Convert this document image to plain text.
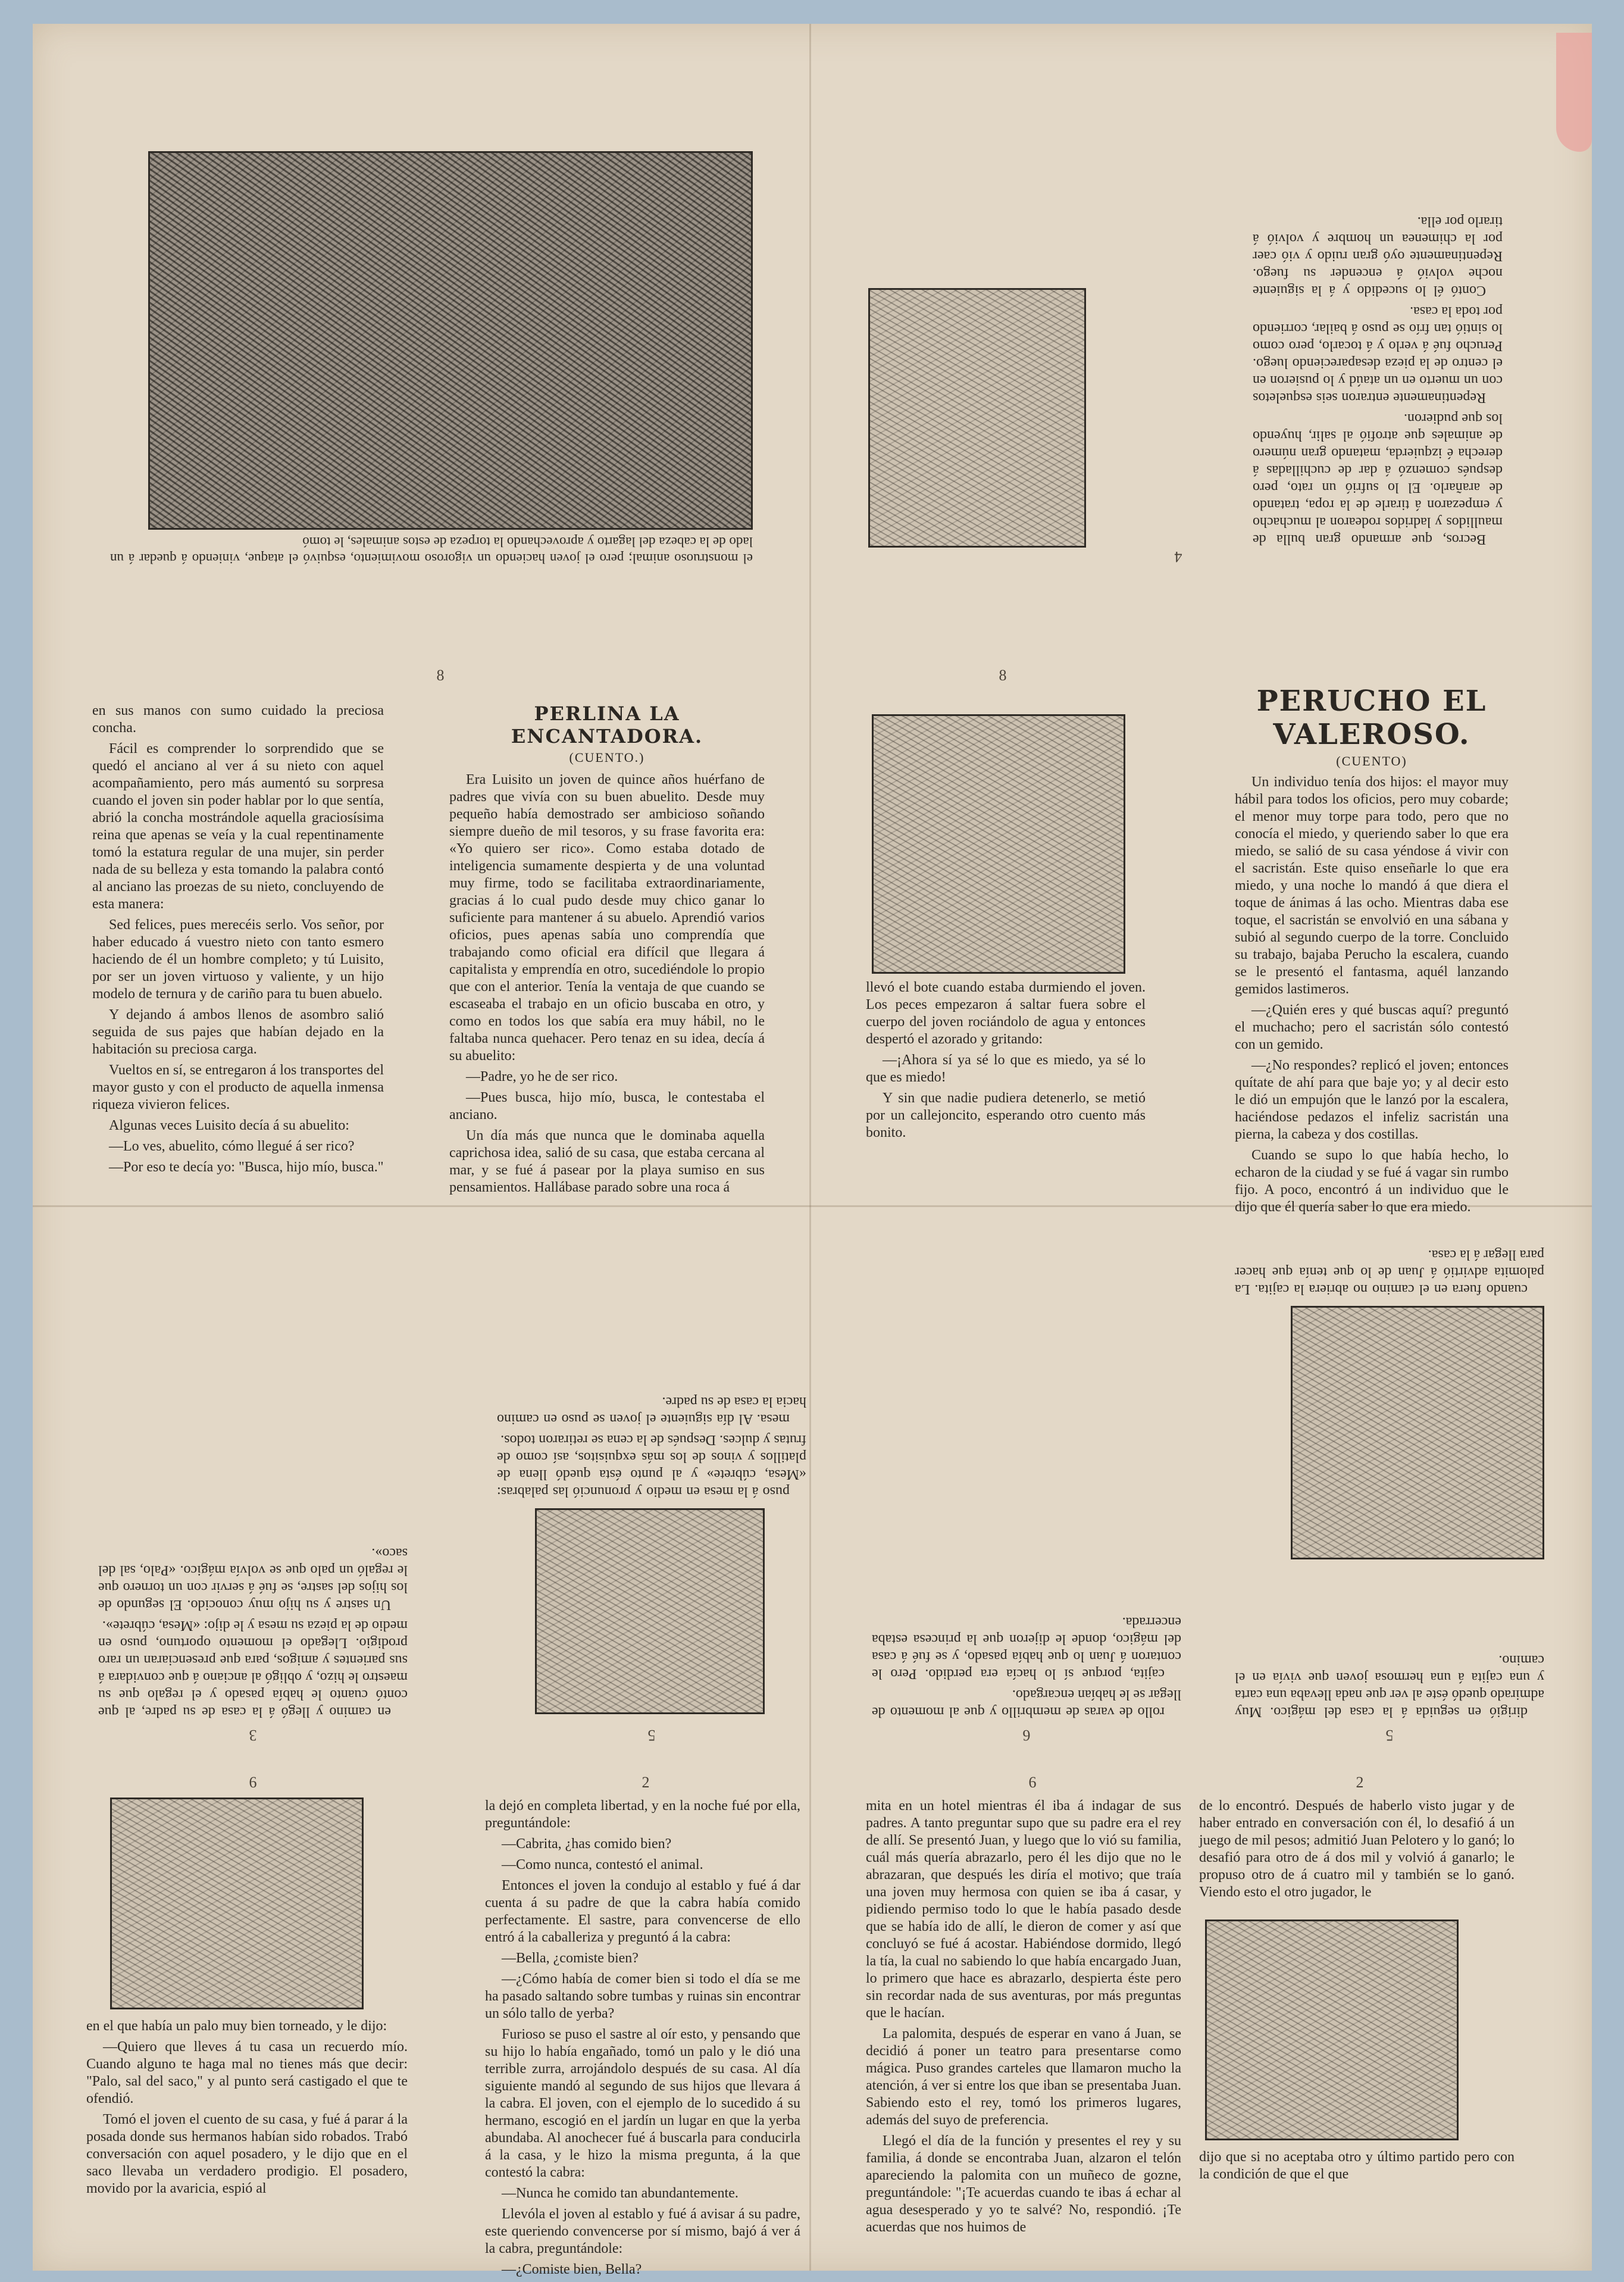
el monstruoso animal; pero el joven haciendo un vigoroso movimiento, esquivó el ataque, viniendo á quedar á un lado de la cabeza del lagarto y aprovechando la torpeza de estos animales, le tomó
4

Becros, que armando gran bulla de maullidos y ladridos rodearon al muchacho y empezaron á tirarle de la ropa, tratando de arañarlo. El lo sufrió un rato, pero después comenzó á dar de cuchilladas á derecha é izquierda, matando gran número de animales que atrofió al salir, huyendo los que pudieron.

Repentinamente entraron seis esqueletos con un muerto en un ataúd y lo pusieron en el centro de la pieza desapareciendo luego. Perucho fué á verlo y á tocarlo, pero como lo sintió tan frío se puso á bailar, corriendo por toda la casa.

Contó él lo sucedido y á la siguiente noche volvió á encender su fuego. Repentinamente oyó gran ruido y vió caer por la chimenea un hombre y volvió á tirarlo por ella.

8

en sus manos con sumo cuidado la preciosa concha.

Fácil es comprender lo sorprendido que se quedó el anciano al ver á su nieto con aquel acompañamiento, pero más aumentó su sorpresa cuando el joven sin poder hablar por lo que sentía, abrió la concha mostrándole aquella graciosísima reina que apenas se veía y la cual repentinamente tomó la estatura regular de una mujer, sin perder nada de su belleza y esta tomando la palabra contó al anciano las proezas de su nieto, concluyendo de esta manera:

Sed felices, pues merecéis serlo. Vos señor, por haber educado á vuestro nieto con tanto esmero haciendo de él un hombre completo; y tú Luisito, por ser un joven virtuoso y valiente, y un hijo modelo de ternura y de cariño para tu buen abuelo.

Y dejando á ambos llenos de asombro salió seguida de sus pajes que habían dejado en la habitación su preciosa carga.

Vueltos en sí, se entregaron á los transportes del mayor gusto y con el producto de aquella inmensa riqueza vivieron felices.

Algunas veces Luisito decía á su abuelito:

—Lo ves, abuelito, cómo llegué á ser rico?

—Por eso te decía yo: "Busca, hijo mío, busca."

PERLINA LA ENCANTADORA.
(CUENTO.)

Era Luisito un joven de quince años huérfano de padres que vivía con su buen abuelito. Desde muy pequeño había demostrado ser ambicioso soñando siempre dueño de mil tesoros, y su frase favorita era: «Yo quiero ser rico». Como estaba dotado de inteligencia sumamente despierta y de una voluntad muy firme, todo se facilitaba extraordinariamente, gracias á lo cual pudo desde muy chico ganar lo suficiente para mantener á su abuelo. Aprendió varios oficios, pues apenas sabía uno comprendía que trabajando como oficial era difícil que llegara á capitalista y emprendía en otro, sucediéndole lo propio que con el anterior. Tenía la ventaja de que cuando se escaseaba el trabajo en un oficio buscaba en otro, y como en todos los que sabía era muy hábil, no le faltaba nunca quehacer. Pero tenaz en su idea, decía á su abuelito:

—Padre, yo he de ser rico.

—Pues busca, hijo mío, busca, le contestaba el anciano.

Un día más que nunca que le dominaba aquella caprichosa idea, salió de su casa, que estaba cercana al mar, y se fué á pasear por la playa sumiso en sus pensamientos. Hallábase parado sobre una roca á

8

llevó el bote cuando estaba durmiendo el joven. Los peces empezaron á saltar fuera sobre el cuerpo del joven rociándolo de agua y entonces despertó el azorado y gritando:

—¡Ahora sí ya sé lo que es miedo, ya sé lo que es miedo!

Y sin que nadie pudiera detenerlo, se metió por un callejoncito, esperando otro cuento más bonito.

PERUCHO EL VALEROSO.
(CUENTO)

Un individuo tenía dos hijos: el mayor muy hábil para todos los oficios, pero muy cobarde; el menor muy torpe para todo, pero que no conocía el miedo, y queriendo saber lo que era miedo, se salió de su casa yéndose á vivir con el sacristán. Este quiso enseñarle lo que era miedo, y una noche lo mandó á que diera el toque de ánimas á las ocho. Mientras daba ese toque, el sacristán se envolvió en una sábana y subió al segundo cuerpo de la torre. Concluido su trabajo, bajaba Perucho la escalera, cuando se le presentó el fantasma, aquél lanzando gemidos lastimeros.

—¿Quién eres y qué buscas aquí? preguntó el muchacho; pero el sacristán sólo contestó con un gemido.

—¿No respondes? replicó el joven; entonces quítate de ahí para que baje yo; y al decir esto le dió un empujón que le lanzó por la escalera, haciéndose pedazos el infeliz sacristán una pierna, la cabeza y dos costillas.

Cuando se supo lo que había hecho, lo echaron de la ciudad y se fué á vagar sin rumbo fijo. A poco, encontró á un individuo que le dijo que él quería saber lo que era miedo.

3

en camino y llegó á la casa de su padre, al que contó cuanto le había pasado y el regalo que su maestro le hizo, y obligó al anciano á que convidara á sus parientes y amigos, para que presenciaran un raro prodigio. Llegado el momento oportuno, puso en medio de la pieza su mesa y le dijo: «Mesa, cúbrete».

Un sastre y su hijo muy conocido. El segundo de los hijos del sastre, se fué á servir con un tornero que le regaló un palo que se volvía mágico. «Palo, sal del saco».

5

puso á la mesa en medio y pronunció las palabras: «Mesa, cúbrete» y al punto ésta quedó llena de platillos y vinos de los más exquisitos, así como de frutas y dulces. Después de la cena se retiraron todos.

mesa. Al día siguiente el joven se puso en camino hacia la casa de su padre.

6

rollo de varas de membrillo y que al momento de llegar se le habían encargado.

cajita, porque sí lo hacía era perdido. Pero le contaron á Juan lo que había pasado, y se fué á casa del mágico, donde le dijeron que la princesa estaba encerrada.

5

dirigió en seguida á la casa del mágico. Muy admirado quedó éste al ver que nada llevaba una carta y una cajita á una hermosa joven que vivía en el camino.

cuando fuera en el camino no abriera la cajita. La palomita advirtió á Juan de lo que tenía que hacer para llegar á la casa.

6

en el que había un palo muy bien torneado, y le dijo:

—Quiero que lleves á tu casa un recuerdo mío. Cuando alguno te haga mal no tienes más que decir: "Palo, sal del saco," y al punto será castigado el que te ofendió.

Tomó el joven el cuento de su casa, y fué á parar á la posada donde sus hermanos habían sido robados. Trabó conversación con aquel posadero, y le dijo que en el saco llevaba un verdadero prodigio. El posadero, movido por la avaricia, espió al

2

la dejó en completa libertad, y en la noche fué por ella, preguntándole:

—Cabrita, ¿has comido bien?

—Como nunca, contestó el animal.

Entonces el joven la condujo al establo y fué á dar cuenta á su padre de que la cabra había comido perfectamente. El sastre, para convencerse de ello entró á la caballeriza y preguntó á la cabra:

—Bella, ¿comiste bien?

—¿Cómo había de comer bien si todo el día se me ha pasado saltando sobre tumbas y ruinas sin encontrar un sólo tallo de yerba?

Furioso se puso el sastre al oír esto, y pensando que su hijo lo había engañado, tomó un palo y le dió una terrible zurra, arrojándolo después de su casa. Al día siguiente mandó al segundo de sus hijos que llevara á la cabra. El joven, con el ejemplo de lo sucedido á su hermano, escogió en el jardín un lugar en que la yerba abundaba. Al anochecer fué á buscarla para conducirla á la casa, y le hizo la misma pregunta, á la que contestó la cabra:

—Nunca he comido tan abundantemente.

Llevóla el joven al establo y fué á avisar á su padre, este queriendo convencerse por sí mismo, bajó á ver á la cabra, preguntándole:

—¿Comiste bien, Bella?

6

mita en un hotel mientras él iba á indagar de sus padres. A tanto preguntar supo que su padre era el rey de allí. Se presentó Juan, y luego que lo vió su familia, cuál más quería abrazarlo, pero él les dijo que no le abrazaran, que después les diría el motivo; que traía una joven muy hermosa con quien se iba á casar, y pidiendo permiso todo lo que le había pasado desde que se había ido de allí, le dieron de comer y así que concluyó se fué á acostar. Habiéndose dormido, llegó la tía, la cual no sabiendo lo que había encargado Juan, lo primero que hace es abrazarlo, despierta éste pero sin recordar nada de sus aventuras, por más preguntas que le hacían.

La palomita, después de esperar en vano á Juan, se decidió á poner un teatro para presentarse como mágica. Puso grandes carteles que llamaron mucho la atención, á ver si entre los que iban se presentaba Juan. Sabiendo esto el rey, tomó los primeros lugares, además del suyo de preferencia.

Llegó el día de la función y presentes el rey y su familia, á donde se encontraba Juan, alzaron el telón apareciendo la palomita con un muñeco de gozne, preguntándole: "¡Te acuerdas cuando te ibas á echar al agua desesperado y yo te salvé? No, respondió. ¡Te acuerdas que nos huimos de

2

de lo encontró. Después de haberlo visto jugar y de haber entrado en conversación con él, lo desafió á un juego de mil pesos; admitió Juan Pelotero y lo ganó; lo desafió para otro de á dos mil y volvió á ganarlo; le propuso otro de á cuatro mil y también se lo ganó. Viendo esto el otro jugador, le

dijo que si no aceptaba otro y último partido pero con la condición de que el que
